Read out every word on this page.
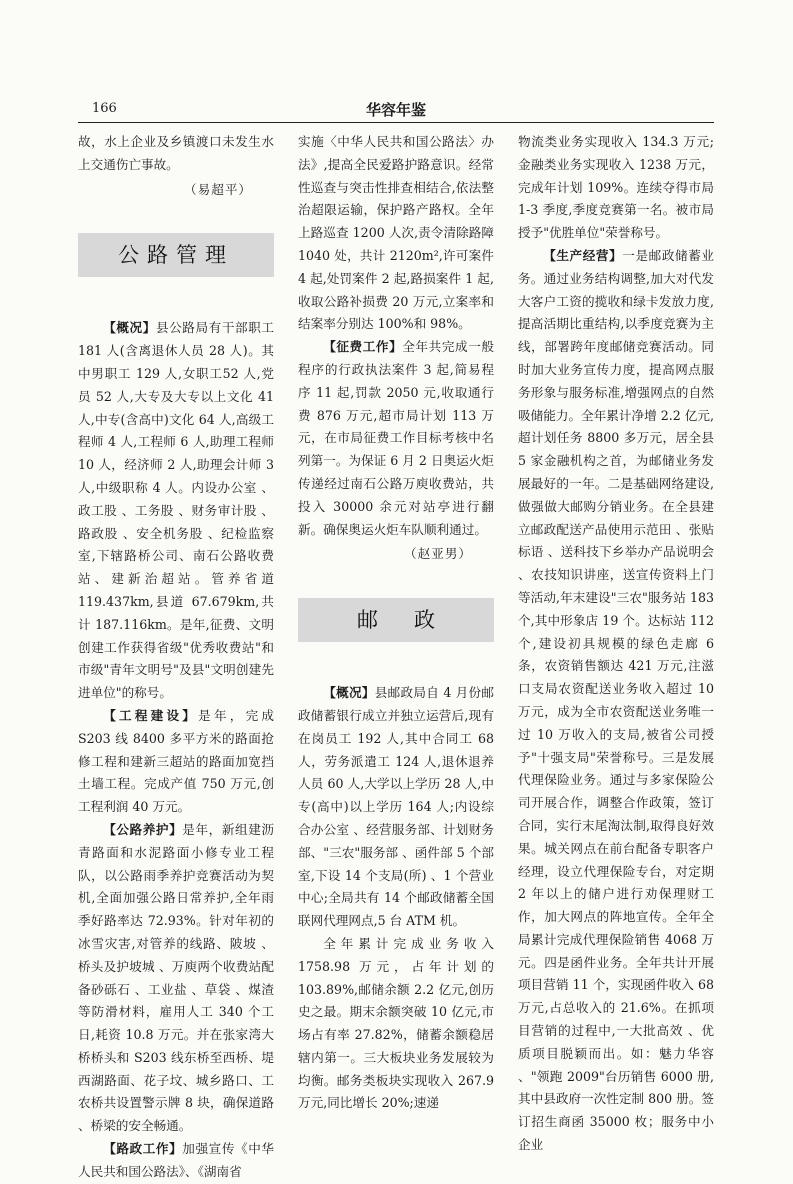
166	华容年鉴

故，水上企业及乡镇渡口未发生水上交通伤亡事故。

（易超平）
公路管理

【概况】县公路局有干部职工 181 人(含离退休人员 28 人)。其中男职工 129 人,女职工52 人,党员 52 人,大专及大专以上文化 41 人,中专(含高中)文化 64 人,高级工程师 4 人,工程师 6 人,助理工程师 10 人，经济师 2 人,助理会计师 3 人,中级职称 4 人。内设办公室 、政工股 、工务股 、财务审计股 、路政股 、安全机务股 、纪检监察室,下辖路桥公司、南石公路收费站、建新治超站。管养省道 119.437km,县道 67.679km,共计 187.116km。是年,征费、文明创建工作获得省级"优秀收费站"和市级"青年文明号"及县"文明创建先进单位"的称号。

【工程建设】是年，完成 S203 线 8400 多平方米的路面抢修工程和建新三超站的路面加宽挡土墙工程。完成产值 750 万元,创工程利润 40 万元。

【公路养护】是年，新组建沥青路面和水泥路面小修专业工程队，以公路雨季养护竞赛活动为契机,全面加强公路日常养护,全年雨季好路率达 72.93%。针对年初的冰雪灾害,对管养的线路、陂坡 、桥头及护坡城 、万庾两个收费站配备砂砾石 、工业盐 、草袋 、煤渣等防滑材料，雇用人工 340 个工日,耗资 10.8 万元。并在张家湾大桥桥头和 S203 线东桥至西桥、堤西湖路面、花子坟、城乡路口、工农桥共设置警示牌 8 块，确保道路 、桥梁的安全畅通。

【路政工作】加强宣传《中华人民共和国公路法》、《湖南省

实施〈中华人民共和国公路法〉办法》,提高全民爱路护路意识。经常性巡查与突击性排查相结合,依法整治超限运输，保护路产路权。全年上路巡查 1200 人次,责令清除路障 1040 处，共计 2120m²,许可案件 4 起,处罚案件 2 起,路损案件 1 起,收取公路补损费 20 万元,立案率和结案率分别达 100%和 98%。

【征费工作】全年共完成一般程序的行政执法案件 3 起,简易程序 11 起,罚款 2050 元,收取通行费 876 万元,超市局计划 113 万元，在市局征费工作目标考核中名列第一。为保证 6 月 2 日奥运火炬传递经过南石公路万庾收费站，共投入 30000 余元对站亭进行翻新。确保奥运火炬车队顺利通过。

（赵亚男）
邮政

【概况】县邮政局自 4 月份邮政储蓄银行成立并独立运营后,现有在岗员工 192 人,其中合同工 68 人，劳务派遣工 124 人,退休退养人员 60 人,大学以上学历 28 人,中专(高中)以上学历 164 人;内设综合办公室 、经营服务部、计划财务部、"三农"服务部 、函件部 5 个部室,下设 14 个支局(所) 、1 个营业中心;全局共有 14 个邮政储蓄全国联网代理网点,5 台 ATM 机。

全年累计完成业务收入 1758.98 万元，占年计划的 103.89%,邮储余额 2.2 亿元,创历史之最。期末余额突破 10 亿元,市场占有率 27.82%，储蓄余额稳居辖内第一。三大板块业务发展较为均衡。邮务类板块实现收入 267.9 万元,同比增长 20%;速递

物流类业务实现收入 134.3 万元;金融类业务实现收入 1238 万元，完成年计划 109%。连续夺得市局 1-3 季度,季度竞赛第一名。被市局授予"优胜单位"荣誉称号。

【生产经营】一是邮政储蓄业务。通过业务结构调整,加大对代发大客户工资的揽收和绿卡发放力度,提高活期比重结构,以季度竞赛为主线，部署跨年度邮储竞赛活动。同时加大业务宣传力度，提高网点服务形象与服务标准,增强网点的自然吸储能力。全年累计净增 2.2 亿元,超计划任务 8800 多万元，居全县 5 家金融机构之首，为邮储业务发展最好的一年。二是基础网络建设,做强做大邮购分销业务。在全县建立邮政配送产品使用示范田 、张贴标语 、送科技下乡举办产品说明会 、农技知识讲座，送宣传资料上门等活动,年末建设"三农"服务站 183 个,其中形象店 19 个。达标站 112 个,建设初具规模的绿色走廊 6 条，农资销售额达 421 万元,注滋口支局农资配送业务收入超过 10 万元，成为全市农资配送业务唯一过 10 万收入的支局,被省公司授予"十强支局"荣誉称号。三是发展代理保险业务。通过与多家保险公司开展合作，调整合作政策，签订合同，实行末尾淘汰制,取得良好效果。城关网点在前台配备专职客户经理，设立代理保险专台，对定期 2 年以上的储户进行劝保理财工作，加大网点的阵地宣传。全年全局累计完成代理保险销售 4068 万元。四是函件业务。全年共计开展项目营销 11 个，实现函件收入 68 万元,占总收入的 21.6%。在抓项目营销的过程中,一大批高效 、优质项目脱颖而出。如：魅力华容 、"领跑 2009"台历销售 6000 册,其中县政府一次性定制 800 册。签订招生商函 35000 枚；服务中小企业
